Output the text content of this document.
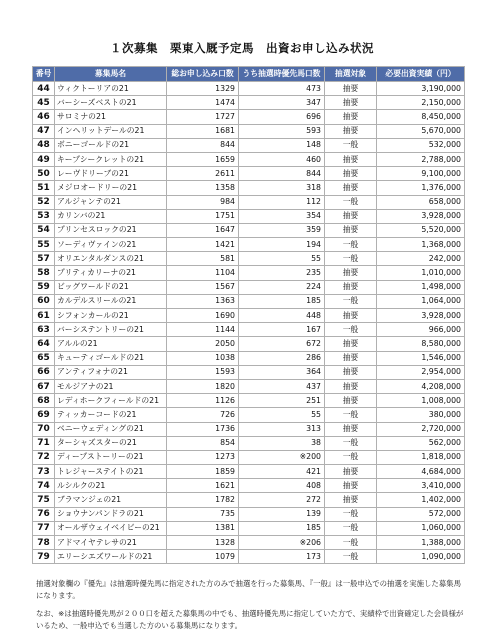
１次募集　栗東入厩予定馬　出資お申し込み状況
番号	募集馬名	総お申し込み口数	うち抽選時優先馬口数	抽選対象	必要出資実績（円）
44	ウィクトーリアの21	1329	473	抽要	3,190,000
45	バーシーズベストの21	1474	347	抽要	2,150,000
46	サロミナの21	1727	696	抽要	8,450,000
47	インヘリットデールの21	1681	593	抽要	5,670,000
48	ボニーゴールドの21	844	148	一般	532,000
49	キープシークレットの21	1659	460	抽要	2,788,000
50	レーヴドリーブの21	2611	844	抽要	9,100,000
51	メジロオードリーの21	1358	318	抽要	1,376,000
52	アルジャンテの21	984	112	一般	658,000
53	カリンバの21	1751	354	抽要	3,928,000
54	プリンセスロックの21	1647	359	抽要	5,520,000
55	ソーディヴァインの21	1421	194	一般	1,368,000
57	オリエンタルダンスの21	581	55	一般	242,000
58	プリティカリーナの21	1104	235	抽要	1,010,000
59	ビッグワールドの21	1567	224	抽要	1,498,000
60	カルデルスリールの21	1363	185	一般	1,064,000
61	シフォンカールの21	1690	448	抽要	3,928,000
63	バーシステントリーの21	1144	167	一般	966,000
64	アルルの21	2050	672	抽要	8,580,000
65	キューティゴールドの21	1038	286	抽要	1,546,000
66	アンティフォナの21	1593	364	抽要	2,954,000
67	モルジアナの21	1820	437	抽要	4,208,000
68	レディホークフィールドの21	1126	251	抽要	1,008,000
69	ティッカーコードの21	726	55	一般	380,000
70	ベニーウェディングの21	1736	313	抽要	2,720,000
71	ターシャズスターの21	854	38	一般	562,000
72	ディープストーリーの21	1273	※200	一般	1,818,000
73	トレジャーステイトの21	1859	421	抽要	4,684,000
74	ルシルクの21	1621	408	抽要	3,410,000
75	ブラマンジェの21	1782	272	抽要	1,402,000
76	ショウナンパンドラの21	735	139	一般	572,000
77	オールザウェイベイビーの21	1381	185	一般	1,060,000
78	アドマイヤテレサの21	1328	※206	一般	1,388,000
79	エリーシエズワールドの21	1079	173	一般	1,090,000

抽選対象欄の『優先』は抽選時優先馬に指定された方のみで抽選を行った募集馬、『一般』は一般申込での抽選を実施した募集馬になります。

なお、※は抽選時優先馬が２００口を超えた募集馬の中でも、抽選時優先馬に指定していた方で、実績枠で出資確定した会員様がいるため、一般申込でも当選した方のいる募集馬になります。
